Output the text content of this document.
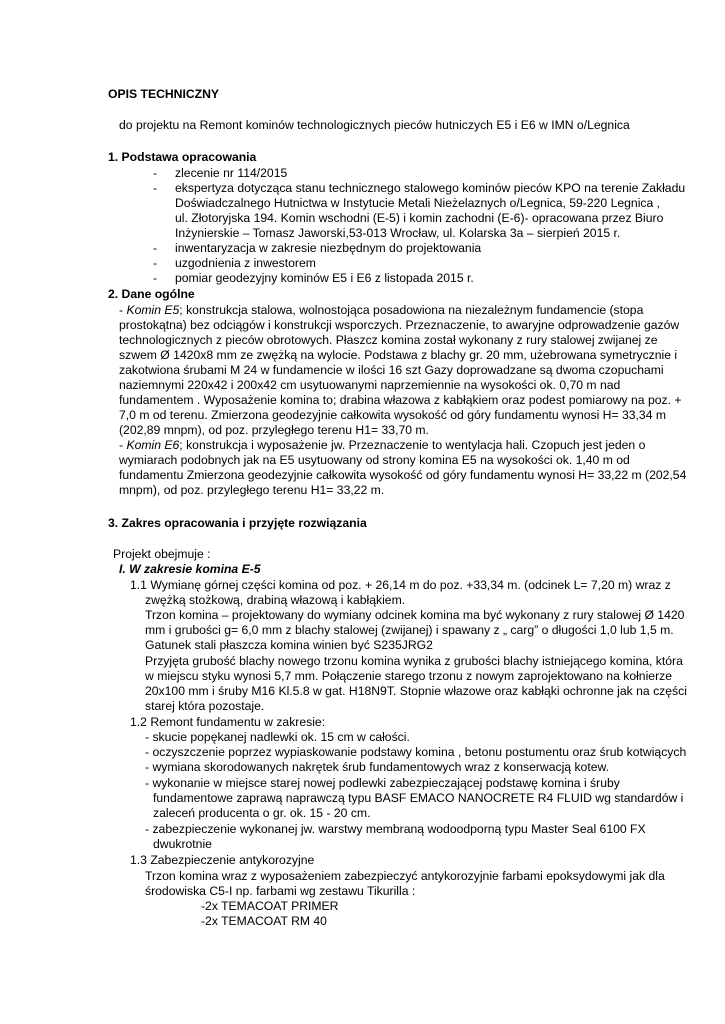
OPIS TECHNICZNY
do projektu na Remont kominów technologicznych pieców hutniczych E5 i E6 w IMN o/Legnica
1. Podstawa opracowania
- zlecenie nr 114/2015
- ekspertyza dotycząca stanu technicznego stalowego kominów pieców KPO na terenie Zakładu
Doświadczalnego Hutnictwa w Instytucie Metali Nieżelaznych o/Legnica, 59-220 Legnica ,
ul. Złotoryjska 194. Komin wschodni (E-5) i komin zachodni (E-6)- opracowana przez Biuro
Inżynierskie – Tomasz Jaworski,53-013 Wrocław, ul. Kolarska 3a – sierpień 2015 r.
- inwentaryzacja w zakresie niezbędnym do projektowania
- uzgodnienia z inwestorem
- pomiar geodezyjny kominów E5 i E6 z listopada 2015 r.
2. Dane ogólne
- Komin E5; konstrukcja stalowa, wolnostojąca posadowiona na niezależnym fundamencie (stopa
prostokątna) bez odciągów i konstrukcji wsporczych. Przeznaczenie, to awaryjne odprowadzenie gazów
technologicznych z pieców obrotowych. Płaszcz komina został wykonany z rury stalowej zwijanej ze
szwem Ø 1420x8 mm ze zwężką na wylocie. Podstawa z blachy gr. 20 mm, użebrowana symetrycznie i
zakotwiona śrubami M 24 w fundamencie w ilości 16 szt Gazy doprowadzane są dwoma czopuchami
naziemnymi 220x42 i 200x42 cm usytuowanymi naprzemiennie na wysokości ok. 0,70 m nad
fundamentem . Wyposażenie komina to; drabina włazowa z kabłąkiem oraz podest pomiarowy na poz. +
7,0 m od terenu. Zmierzona geodezyjnie całkowita wysokość od góry fundamentu wynosi H= 33,34 m
(202,89 mnpm), od poz. przyległego terenu H1= 33,70 m.
- Komin E6; konstrukcja i wyposażenie jw. Przeznaczenie to wentylacja hali. Czopuch jest jeden o
wymiarach podobnych jak na E5 usytuowany od strony komina E5 na wysokości ok. 1,40 m od
fundamentu Zmierzona geodezyjnie całkowita wysokość od góry fundamentu wynosi H= 33,22 m (202,54
mnpm), od poz. przyległego terenu H1= 33,22 m.
3. Zakres opracowania i przyjęte rozwiązania
Projekt obejmuje :
I. W zakresie komina E-5
1.1 Wymianę górnej części komina od poz. + 26,14 m do poz. +33,34 m. (odcinek L= 7,20 m) wraz z
zwężką stożkową, drabiną włazową i kabłąkiem.
Trzon komina – projektowany do wymiany odcinek komina ma być wykonany z rury stalowej Ø 1420
mm i grubości g= 6,0 mm z blachy stalowej (zwijanej) i spawany z „ carg” o długości 1,0 lub 1,5 m.
Gatunek stali płaszcza komina winien być S235JRG2
Przyjęta grubość blachy nowego trzonu komina wynika z grubości blachy istniejącego komina, która
w miejscu styku wynosi 5,7 mm. Połączenie starego trzonu z nowym zaprojektowano na kołnierze
20x100 mm i śruby M16 Kl.5.8 w gat. H18N9T. Stopnie włazowe oraz kabłąki ochronne jak na części
starej która pozostaje.
1.2 Remont fundamentu w zakresie:
- skucie popękanej nadlewki ok. 15 cm w całości.
- oczyszczenie poprzez wypiaskowanie podstawy komina , betonu postumentu oraz śrub kotwiących
- wymiana skorodowanych nakrętek śrub fundamentowych wraz z konserwacją kotew.
- wykonanie w miejsce starej nowej podlewki zabezpieczającej podstawę komina i śruby
fundamentowe zaprawą naprawczą typu BASF EMACO NANOCRETE R4 FLUID wg standardów i
zaleceń producenta o gr. ok. 15 - 20 cm.
- zabezpieczenie wykonanej jw. warstwy membraną wodoodporną typu Master Seal 6100 FX
dwukrotnie
1.3 Zabezpieczenie antykorozyjne
Trzon komina wraz z wyposażeniem zabezpieczyć antykorozyjnie farbami epoksydowymi jak dla
środowiska C5-I np. farbami wg zestawu Tikurilla :
-2x TEMACOAT PRIMER
-2x TEMACOAT RM 40
